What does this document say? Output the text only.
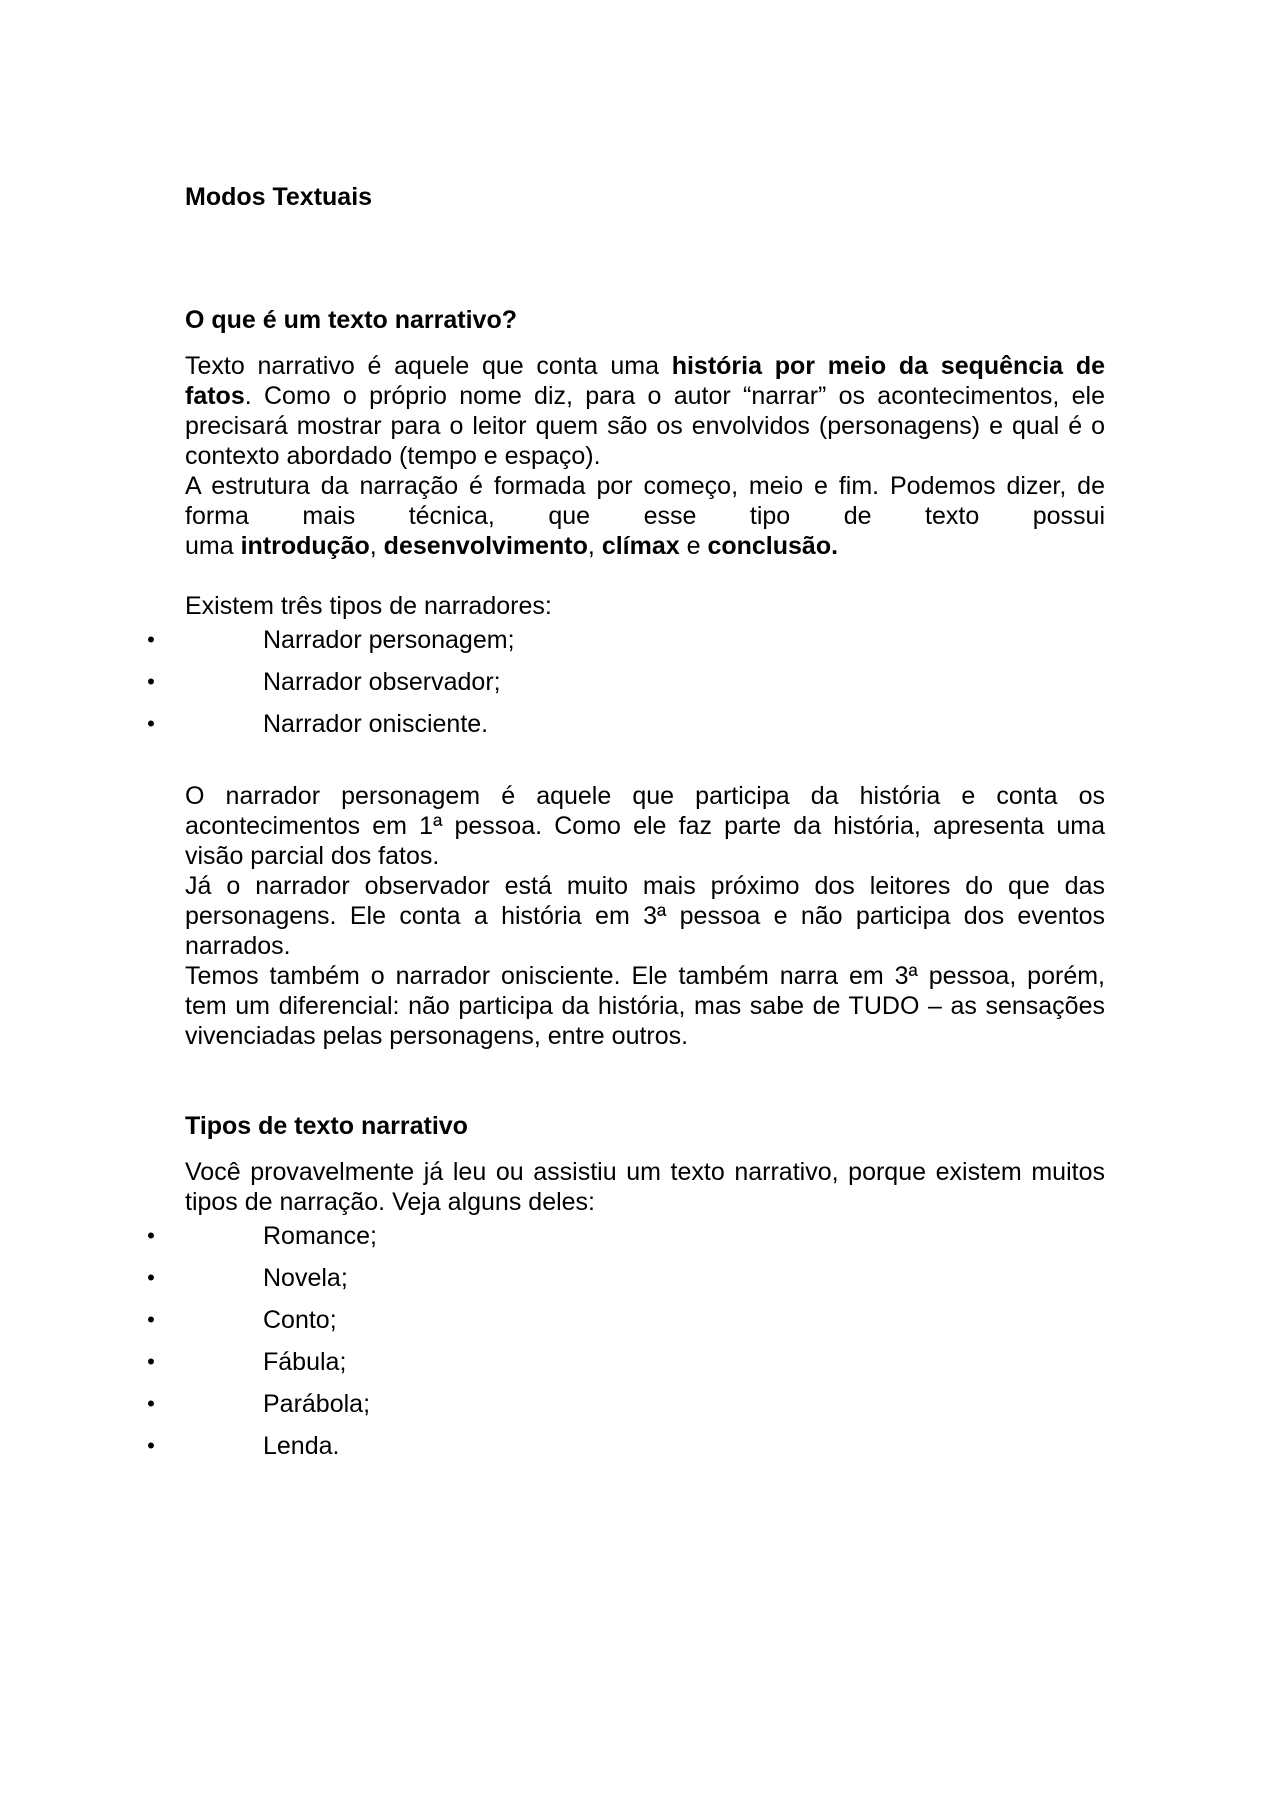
Modos Textuais
O que é um texto narrativo?

Texto narrativo é aquele que conta uma história por meio da sequência de fatos. Como o próprio nome diz, para o autor “narrar” os acontecimentos, ele precisará mostrar para o leitor quem são os envolvidos (personagens) e qual é o contexto abordado (tempo e espaço).

A estrutura da narração é formada por começo, meio e fim. Podemos dizer, de forma mais técnica, que esse tipo de texto possui

uma introdução, desenvolvimento, clímax e conclusão.

Existem três tipos de narradores:

•	Narrador personagem;
•	Narrador observador;
•	Narrador onisciente.

O narrador personagem é aquele que participa da história e conta os acontecimentos em 1ª pessoa. Como ele faz parte da história, apresenta uma visão parcial dos fatos.

Já o narrador observador está muito mais próximo dos leitores do que das personagens. Ele conta a história em 3ª pessoa e não participa dos eventos narrados.

Temos também o narrador onisciente. Ele também narra em 3ª pessoa, porém, tem um diferencial: não participa da história, mas sabe de TUDO – as sensações vivenciadas pelas personagens, entre outros.

Tipos de texto narrativo

Você provavelmente já leu ou assistiu um texto narrativo, porque existem muitos tipos de narração. Veja alguns deles:

•	Romance;
•	Novela;
•	Conto;
•	Fábula;
•	Parábola;
•	Lenda.
